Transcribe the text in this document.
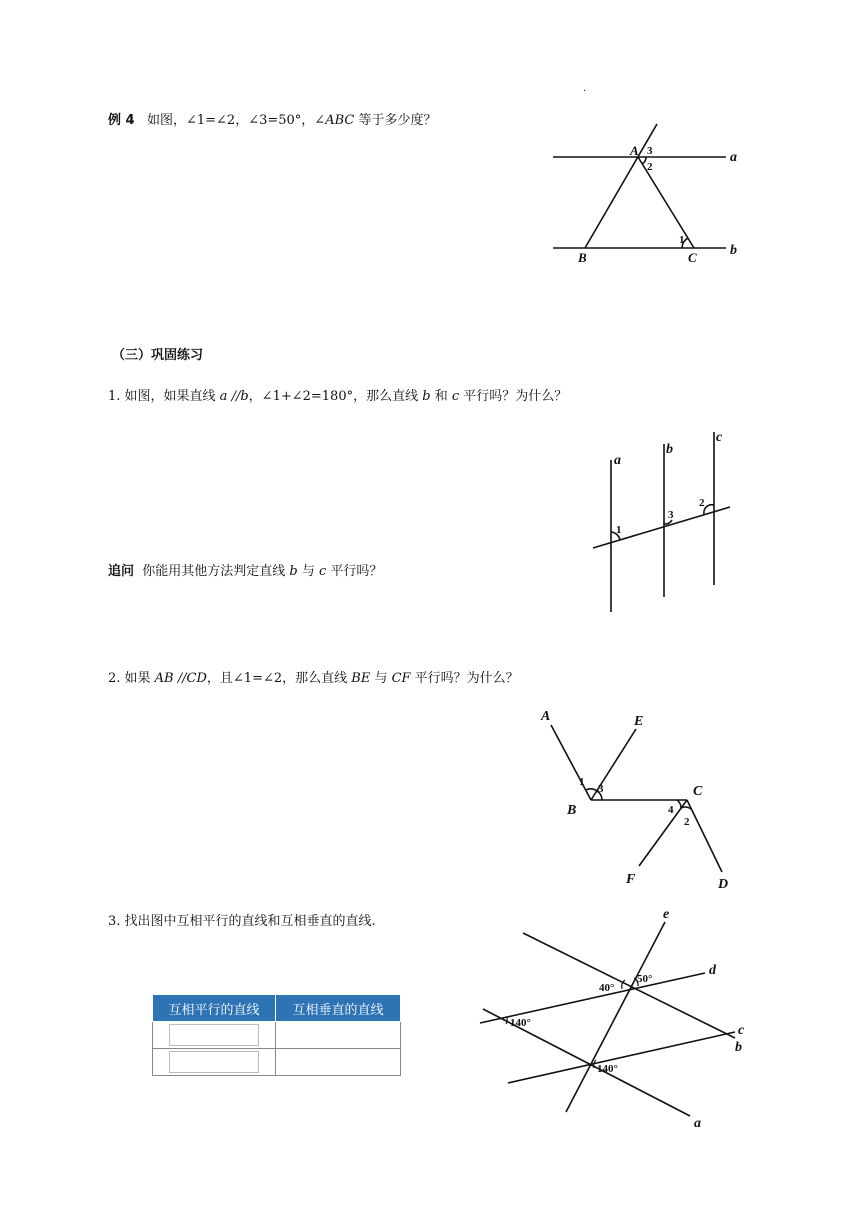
.
例 4 如图，∠1=∠2，∠3=50°，∠ABC 等于多少度？
（三）巩固练习
1. 如图，如果直线 a //b，∠1+∠2=180°，那么直线 b 和 c 平行吗？为什么？
追问 你能用其他方法判定直线 b 与 c 平行吗？
2. 如果 AB //CD，且∠1=∠2，那么直线 BE 与 CF 平行吗？为什么？
3. 找出图中互相平行的直线和互相垂直的直线.
互相平行的直线	互相垂直的直线

A
B	C
a
b
3
2
1
a
b
c
1
3
2
A	E
B
C
F	D
1
3
4
2
e
d
c
b
a
50°
40°
140°
140°
